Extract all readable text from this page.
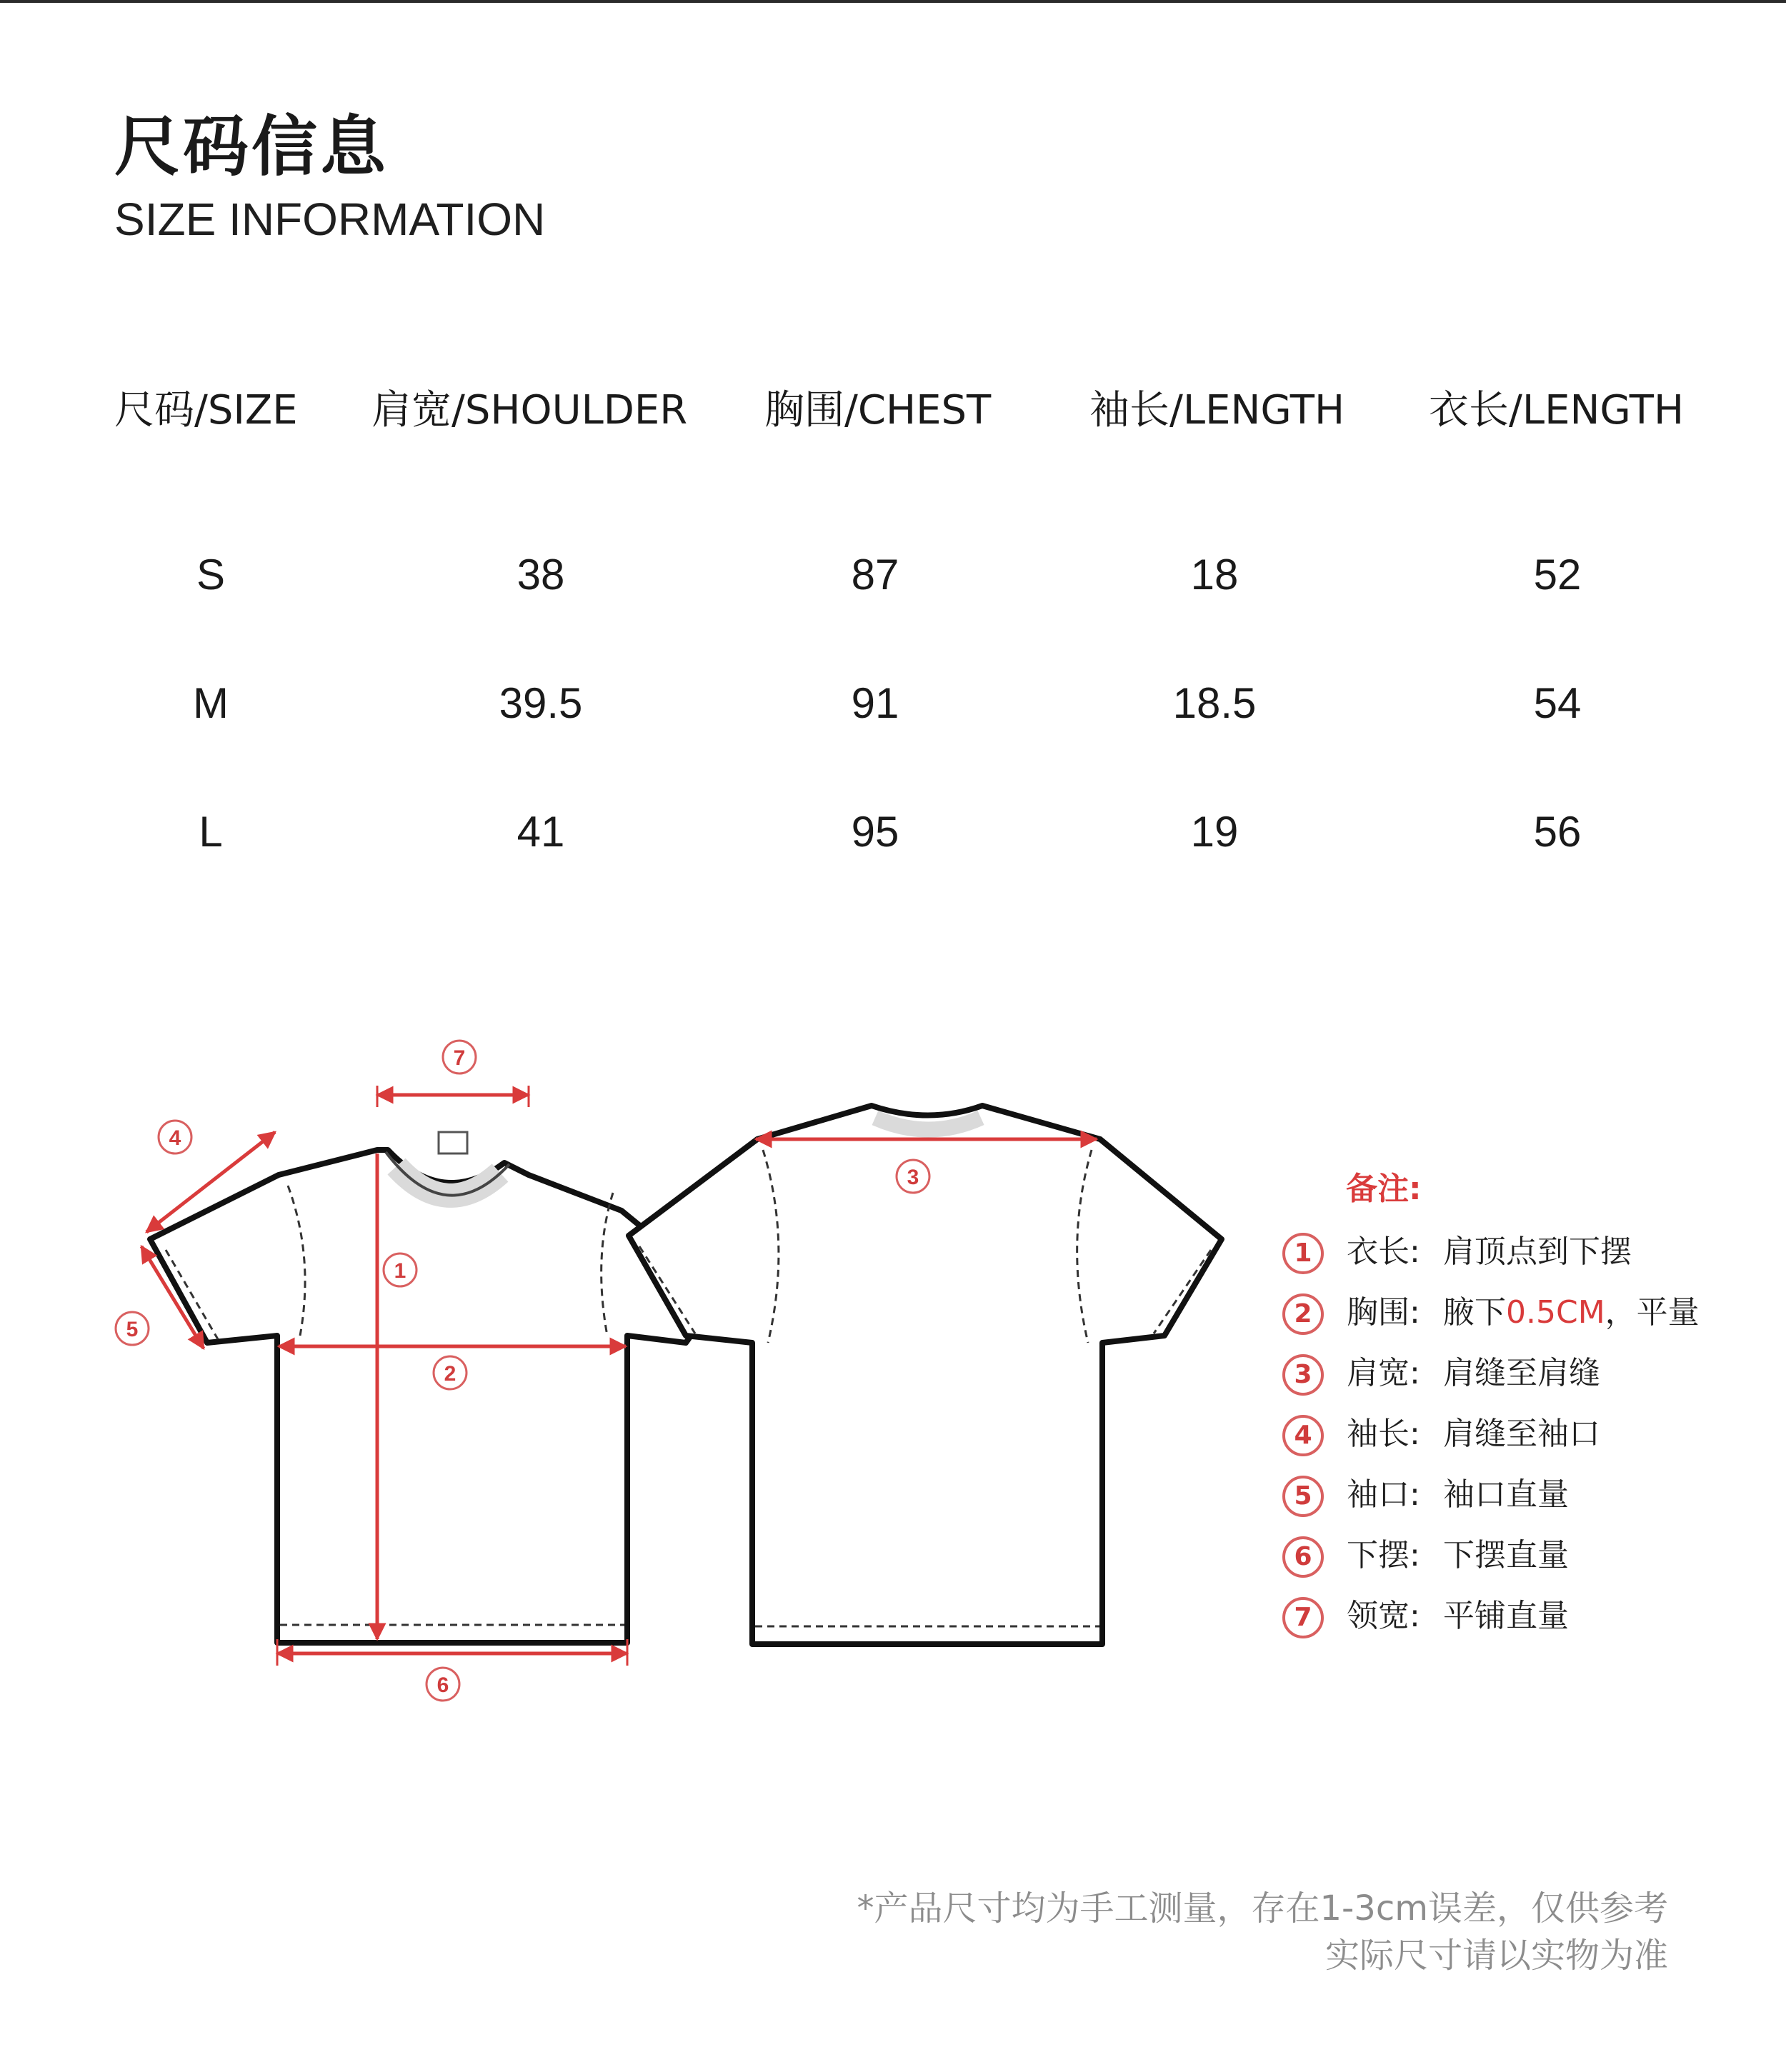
尺码信息
SIZE INFORMATION
尺码/SIZE 肩宽/SHOULDER 胸围/CHEST 袖长/LENGTH 衣长/LENGTH
S	38	87	18	52
M	39.5	91	18.5	54
L	41	95	19	56
1
2
3
4
5
6
7
备注:
1	衣长: 肩顶点到下摆
2	胸围: 腋下0.5CM，平量
3	肩宽: 肩缝至肩缝
4	袖长: 肩缝至袖口
5	袖口: 袖口直量
6	下摆: 下摆直量
7	领宽: 平铺直量
*产品尺寸均为手工测量，存在1-3cm误差，仅供参考
实际尺寸请以实物为准
